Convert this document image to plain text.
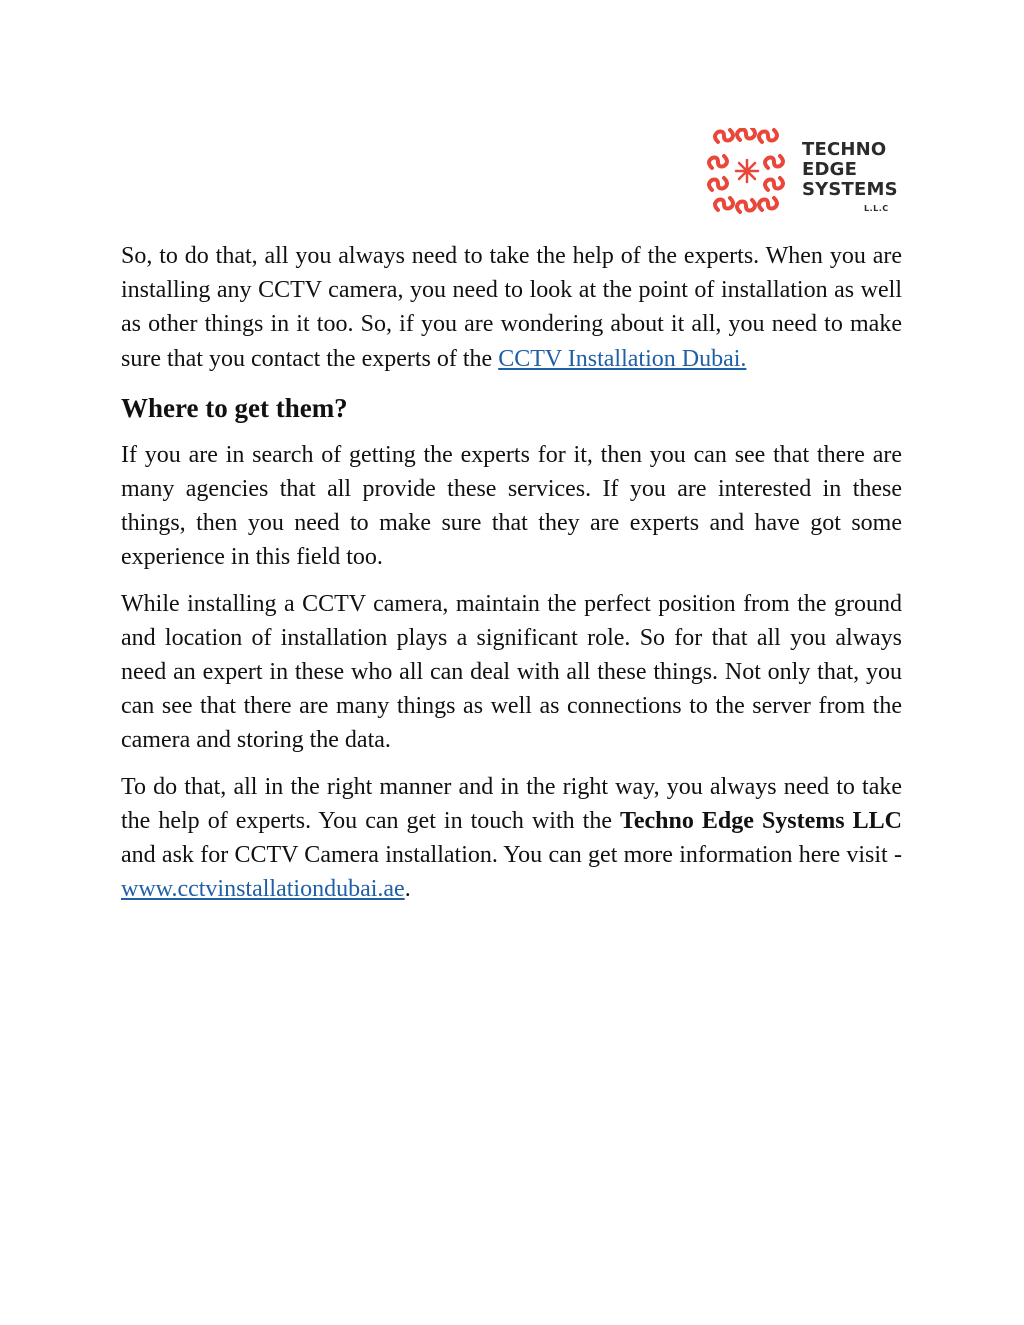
TECHNO
EDGE
SYSTEMS
L.L.C

So, to do that, all you always need to take the help of the experts. When you are installing any CCTV camera, you need to look at the point of installation as well as other things in it too. So, if you are wondering about it all, you need to make sure that you contact the experts of the CCTV Installation Dubai.

Where to get them?

If you are in search of getting the experts for it, then you can see that there are many agencies that all provide these services. If you are interested in these things, then you need to make sure that they are experts and have got some experience in this field too.

While installing a CCTV camera, maintain the perfect position from the ground and location of installation plays a significant role. So for that all you always need an expert in these who all can deal with all these things. Not only that, you can see that there are many things as well as connections to the server from the camera and storing the data.

To do that, all in the right manner and in the right way, you always need to take the help of experts. You can get in touch with the Techno Edge Systems LLC and ask for CCTV Camera installation. You can get more information here visit - www.cctvinstallationdubai.ae.
